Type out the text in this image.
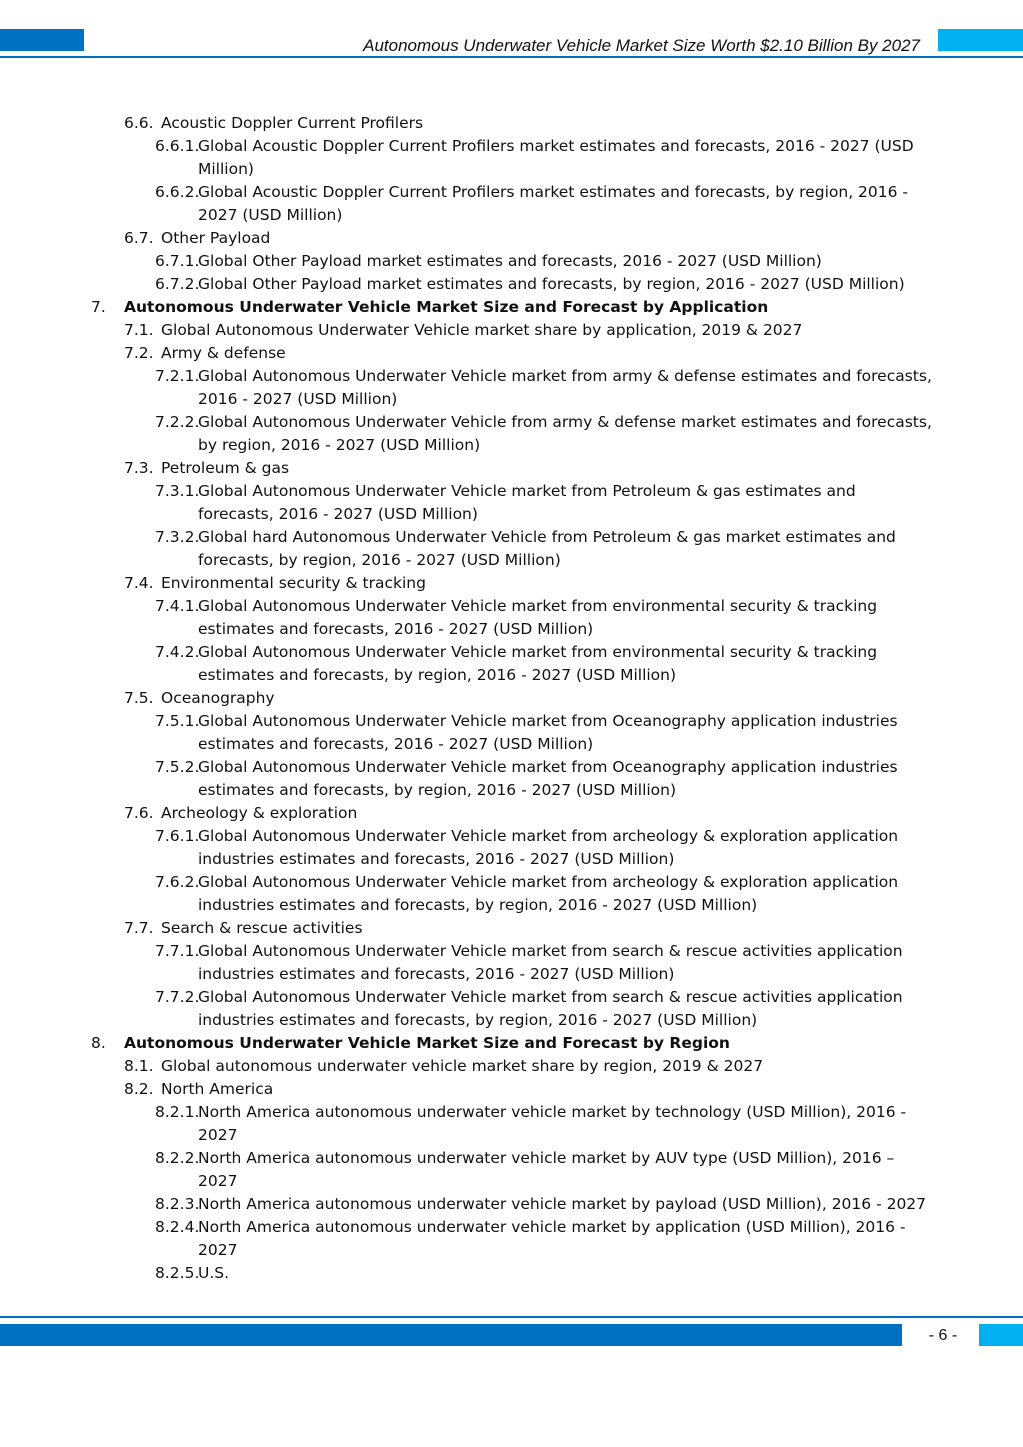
Autonomous Underwater Vehicle Market Size Worth $2.10 Billion By 2027
6.6. Acoustic Doppler Current Profilers
6.6.1.
Global Acoustic Doppler Current Profilers market estimates and forecasts, 2016 - 2027 (USD
Million)
6.6.2.
Global Acoustic Doppler Current Profilers market estimates and forecasts, by region, 2016 -
2027 (USD Million)
6.7. Other Payload
6.7.1.
Global Other Payload market estimates and forecasts, 2016 - 2027 (USD Million)
6.7.2.
Global Other Payload market estimates and forecasts, by region, 2016 - 2027 (USD Million)
7. Autonomous Underwater Vehicle Market Size and Forecast by Application
7.1. Global Autonomous Underwater Vehicle market share by application, 2019 & 2027
7.2. Army & defense
7.2.1.
Global Autonomous Underwater Vehicle market from army & defense estimates and forecasts,
2016 - 2027 (USD Million)
7.2.2.
Global Autonomous Underwater Vehicle from army & defense market estimates and forecasts,
by region, 2016 - 2027 (USD Million)
7.3. Petroleum & gas
7.3.1.
Global Autonomous Underwater Vehicle market from Petroleum & gas estimates and
forecasts, 2016 - 2027 (USD Million)
7.3.2.
Global hard Autonomous Underwater Vehicle from Petroleum & gas market estimates and
forecasts, by region, 2016 - 2027 (USD Million)
7.4. Environmental security & tracking
7.4.1.
Global Autonomous Underwater Vehicle market from environmental security & tracking
estimates and forecasts, 2016 - 2027 (USD Million)
7.4.2.
Global Autonomous Underwater Vehicle market from environmental security & tracking
estimates and forecasts, by region, 2016 - 2027 (USD Million)
7.5. Oceanography
7.5.1.
Global Autonomous Underwater Vehicle market from Oceanography application industries
estimates and forecasts, 2016 - 2027 (USD Million)
7.5.2.
Global Autonomous Underwater Vehicle market from Oceanography application industries
estimates and forecasts, by region, 2016 - 2027 (USD Million)
7.6. Archeology & exploration
7.6.1.
Global Autonomous Underwater Vehicle market from archeology & exploration application
industries estimates and forecasts, 2016 - 2027 (USD Million)
7.6.2.
Global Autonomous Underwater Vehicle market from archeology & exploration application
industries estimates and forecasts, by region, 2016 - 2027 (USD Million)
7.7. Search & rescue activities
7.7.1.
Global Autonomous Underwater Vehicle market from search & rescue activities application
industries estimates and forecasts, 2016 - 2027 (USD Million)
7.7.2.
Global Autonomous Underwater Vehicle market from search & rescue activities application
industries estimates and forecasts, by region, 2016 - 2027 (USD Million)
8. Autonomous Underwater Vehicle Market Size and Forecast by Region
8.1. Global autonomous underwater vehicle market share by region, 2019 & 2027
8.2. North America
8.2.1.
North America autonomous underwater vehicle market by technology (USD Million), 2016 -
2027
8.2.2.
North America autonomous underwater vehicle market by AUV type (USD Million), 2016 –
2027
8.2.3.
North America autonomous underwater vehicle market by payload (USD Million), 2016 - 2027
8.2.4.
North America autonomous underwater vehicle market by application (USD Million), 2016 -
2027
8.2.5.
U.S.
- 6 -
